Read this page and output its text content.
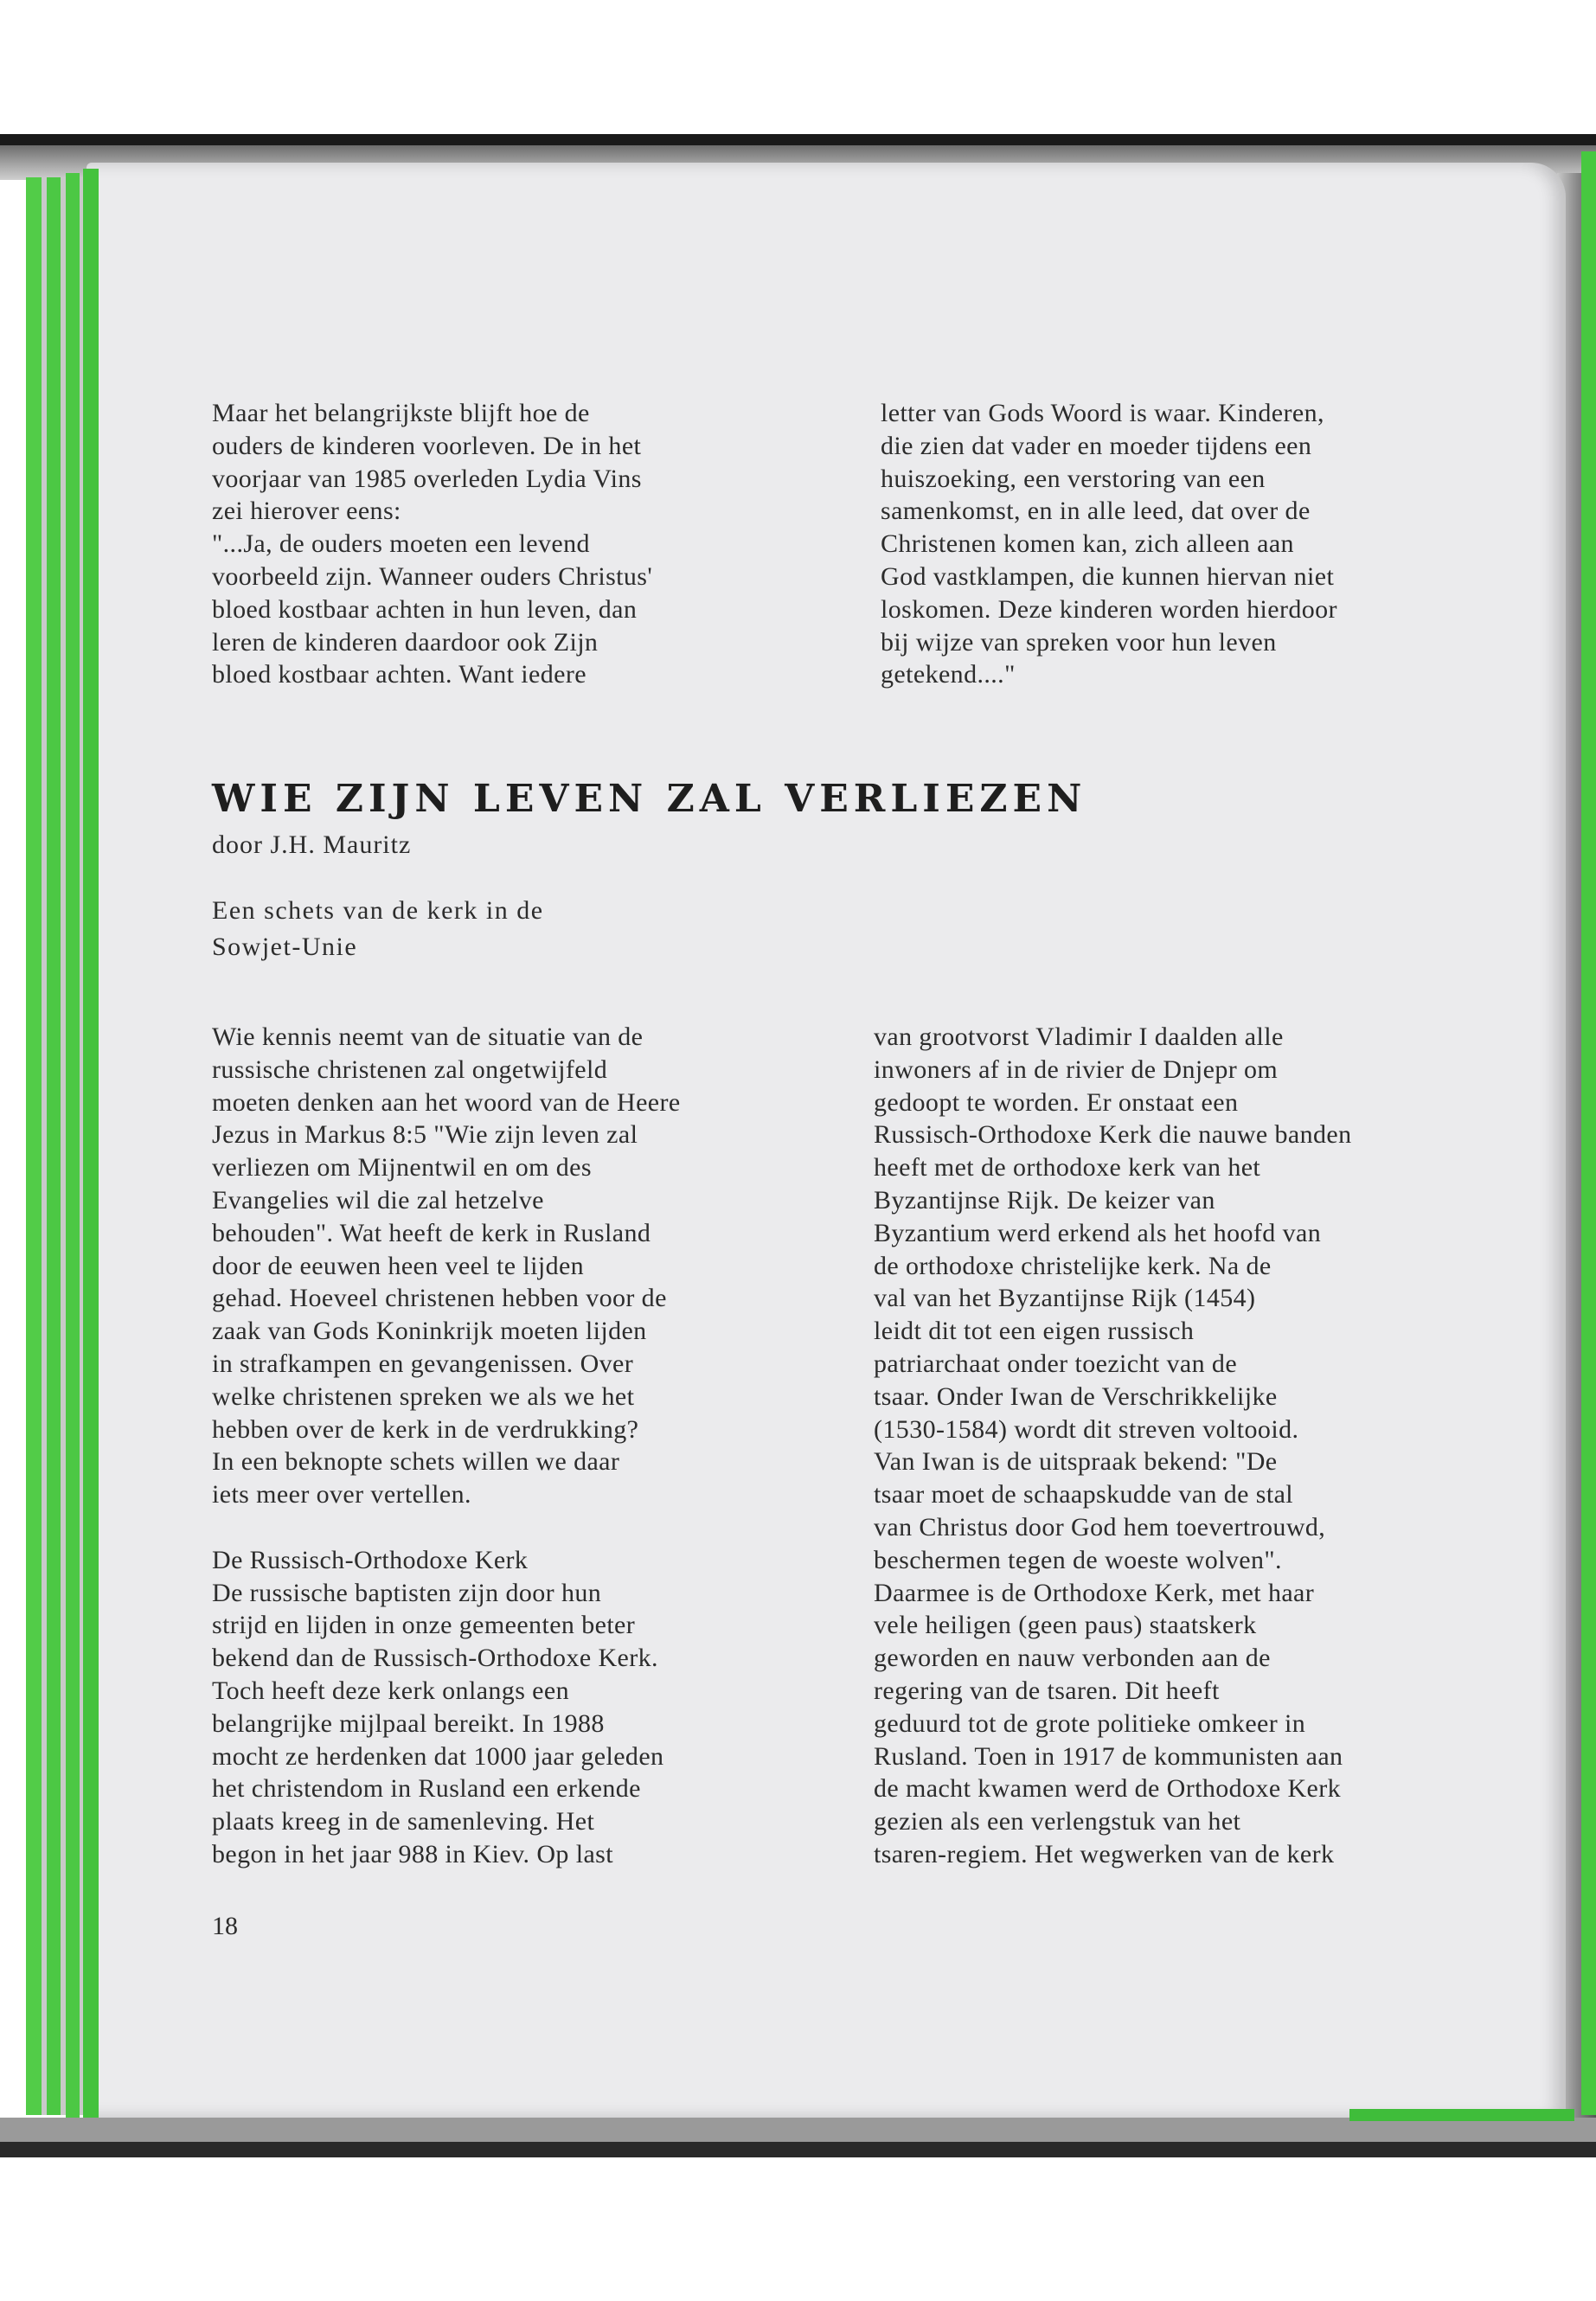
Maar het belangrijkste blijft hoe de
ouders de kinderen voorleven. De in het
voorjaar van 1985 overleden Lydia Vins
zei hierover eens:
"...Ja, de ouders moeten een levend
voorbeeld zijn. Wanneer ouders Christus'
bloed kostbaar achten in hun leven, dan
leren de kinderen daardoor ook Zijn
bloed kostbaar achten. Want iedere
letter van Gods Woord is waar. Kinderen,
die zien dat vader en moeder tijdens een
huiszoeking, een verstoring van een
samenkomst, en in alle leed, dat over de
Christenen komen kan, zich alleen aan
God vastklampen, die kunnen hiervan niet
loskomen. Deze kinderen worden hierdoor
bij wijze van spreken voor hun leven
getekend...."
WIE ZIJN LEVEN ZAL VERLIEZEN
door J.H. Mauritz
Een schets van de kerk in de
Sowjet-Unie
Wie kennis neemt van de situatie van de
russische christenen zal ongetwijfeld
moeten denken aan het woord van de Heere
Jezus in Markus 8:5 "Wie zijn leven zal
verliezen om Mijnentwil en om des
Evangelies wil die zal hetzelve
behouden". Wat heeft de kerk in Rusland
door de eeuwen heen veel te lijden
gehad. Hoeveel christenen hebben voor de
zaak van Gods Koninkrijk moeten lijden
in strafkampen en gevangenissen. Over
welke christenen spreken we als we het
hebben over de kerk in de verdrukking?
In een beknopte schets willen we daar
iets meer over vertellen.
De Russisch-Orthodoxe Kerk
De russische baptisten zijn door hun
strijd en lijden in onze gemeenten beter
bekend dan de Russisch-Orthodoxe Kerk.
Toch heeft deze kerk onlangs een
belangrijke mijlpaal bereikt. In 1988
mocht ze herdenken dat 1000 jaar geleden
het christendom in Rusland een erkende
plaats kreeg in de samenleving. Het
begon in het jaar 988 in Kiev. Op last
van grootvorst Vladimir I daalden alle
inwoners af in de rivier de Dnjepr om
gedoopt te worden. Er onstaat een
Russisch-Orthodoxe Kerk die nauwe banden
heeft met de orthodoxe kerk van het
Byzantijnse Rijk. De keizer van
Byzantium werd erkend als het hoofd van
de orthodoxe christelijke kerk. Na de
val van het Byzantijnse Rijk (1454)
leidt dit tot een eigen russisch
patriarchaat onder toezicht van de
tsaar. Onder Iwan de Verschrikkelijke
(1530-1584) wordt dit streven voltooid.
Van Iwan is de uitspraak bekend: "De
tsaar moet de schaapskudde van de stal
van Christus door God hem toevertrouwd,
beschermen tegen de woeste wolven".
Daarmee is de Orthodoxe Kerk, met haar
vele heiligen (geen paus) staatskerk
geworden en nauw verbonden aan de
regering van de tsaren. Dit heeft
geduurd tot de grote politieke omkeer in
Rusland. Toen in 1917 de kommunisten aan
de macht kwamen werd de Orthodoxe Kerk
gezien als een verlengstuk van het
tsaren-regiem. Het wegwerken van de kerk
18
